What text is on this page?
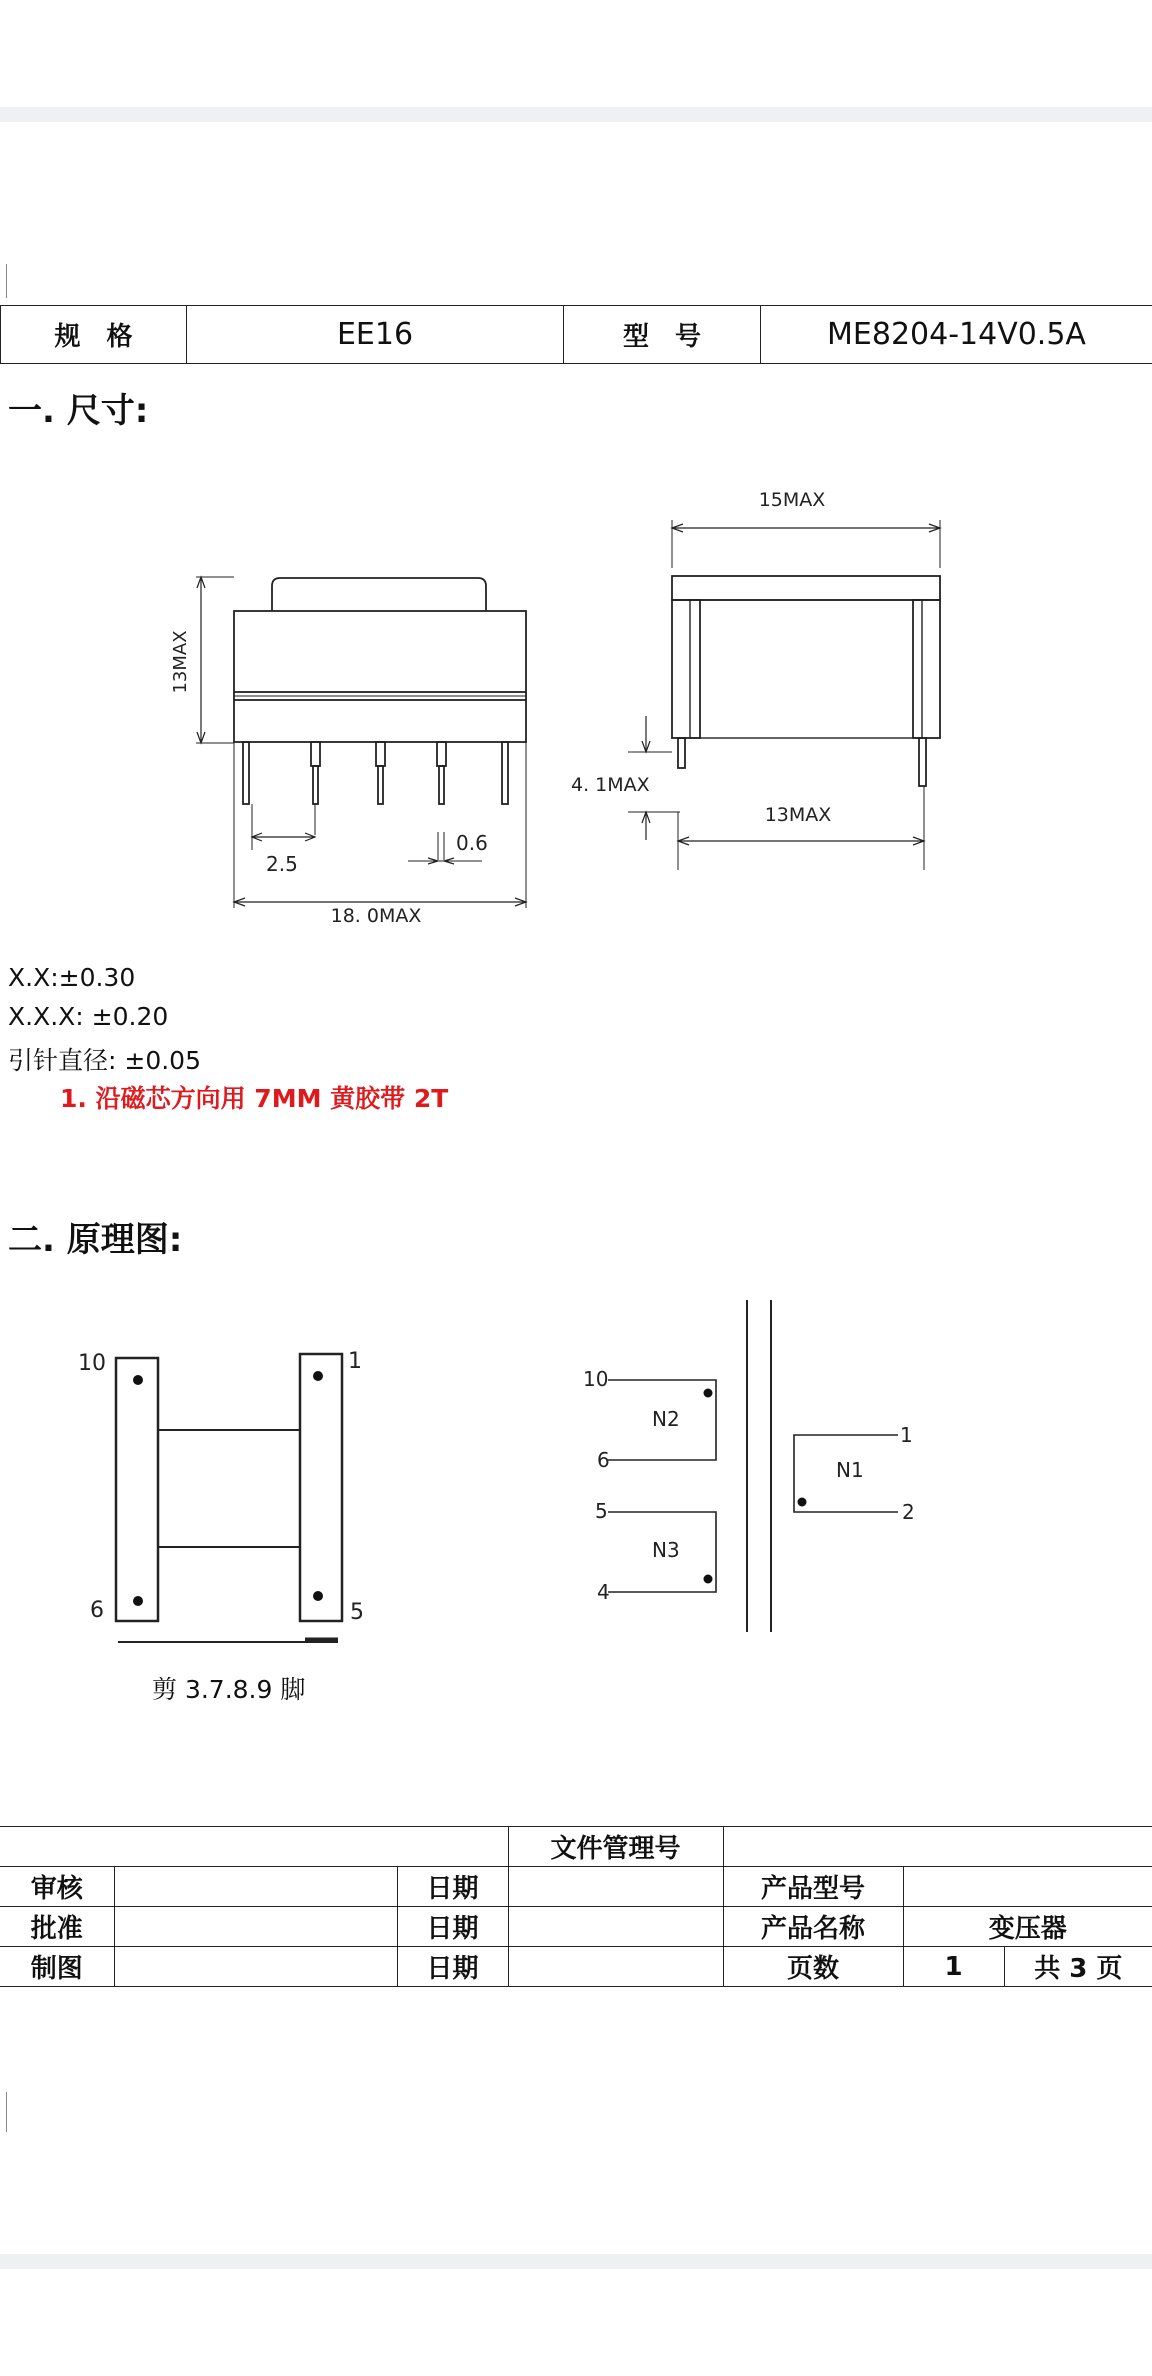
规　格	EE16	型　号	ME8204-14V0.5A
一. 尺寸:
13MAX
2.5
0.6
18. 0MAX
15MAX
4. 1MAX
13MAX
X.X:±0.30
X.X.X: ±0.20
引针直径: ±0.05
1. 沿磁芯方向用 7MM 黄胶带 2T
二. 原理图:
10	1
6	5
N2
10
6
N3
5
4
N1
1
2
剪 3.7.8.9 脚
			文件管理号			
审核		日期		产品型号		
批准		日期		产品名称	变压器	
制图		日期		页数	1	共 3 页
